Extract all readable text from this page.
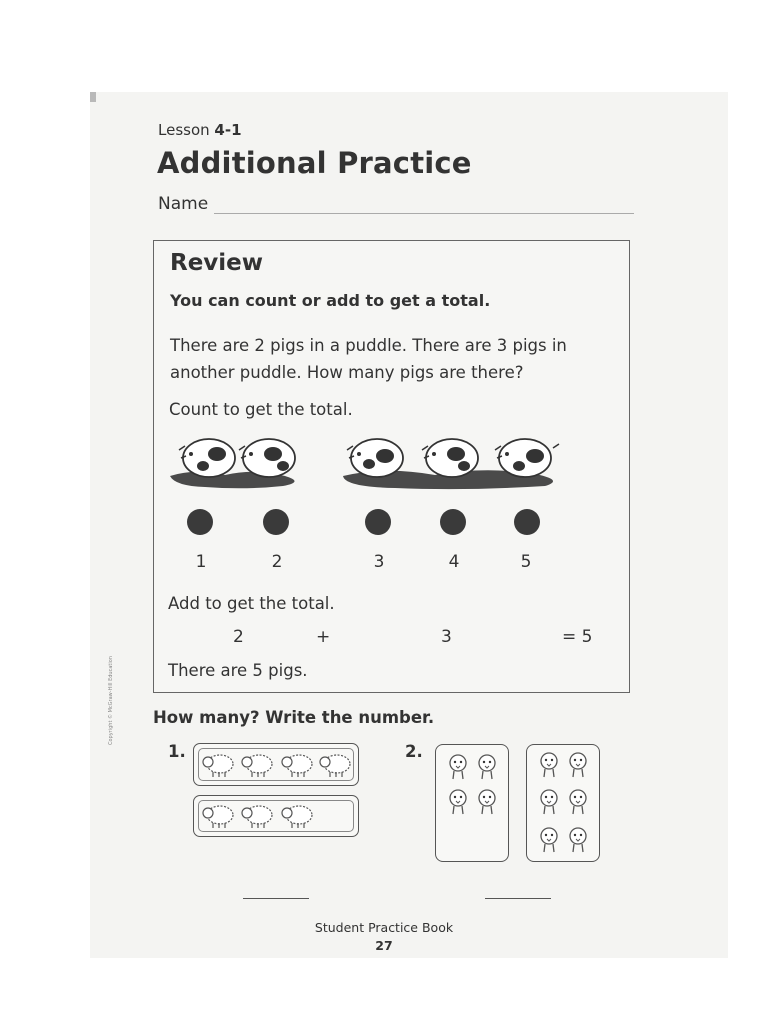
Lesson 4-1
Additional Practice
Name
Review
You can count or add to get a total.
There are 2 pigs in a puddle. There are 3 pigs in another puddle. How many pigs are there?
Count to get the total.
1	2	3	4	5
Add to get the total.
2	+	3	= 5
There are 5 pigs.
How many? Write the number.
1.	2.
Student Practice Book
27
Copyright © McGraw-Hill Education
